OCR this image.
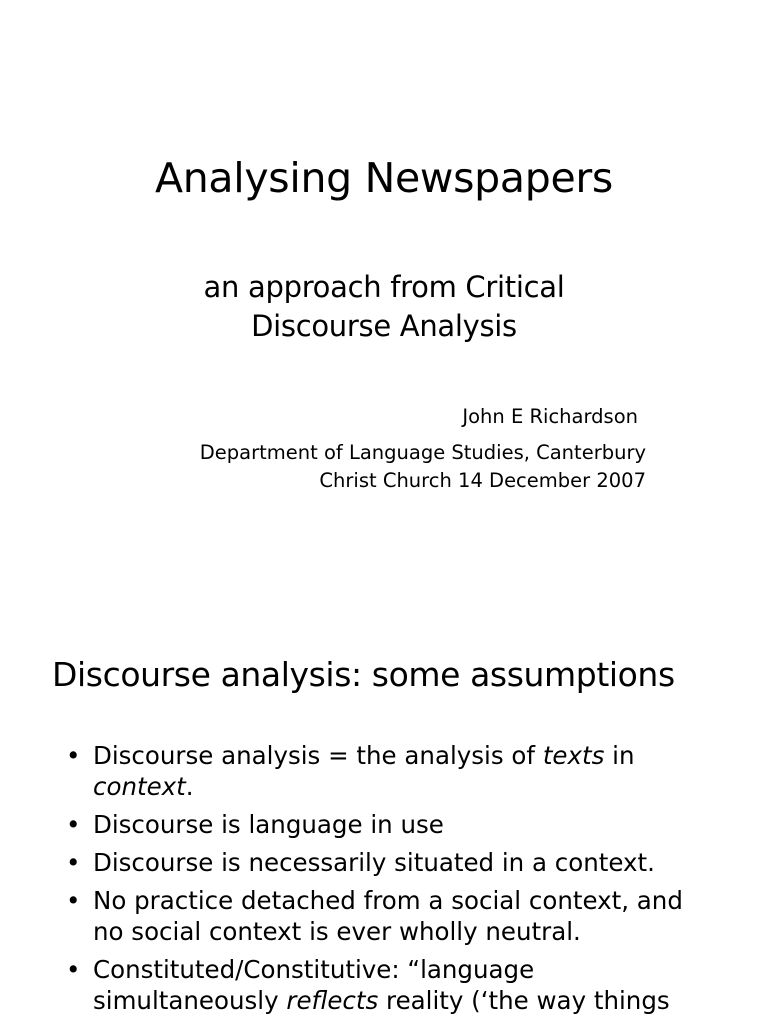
Analysing Newspapers
an approach from Critical
Discourse Analysis
John E Richardson
Department of Language Studies, Canterbury
Christ Church 14 December 2007
Discourse analysis: some assumptions
• Discourse analysis = the analysis of texts in context.
• Discourse is language in use
• Discourse is necessarily situated in a context.
• No practice detached from a social context, and no social context is ever wholly neutral.
• Constituted/Constitutive: “language simultaneously reflects reality (‘the way things
